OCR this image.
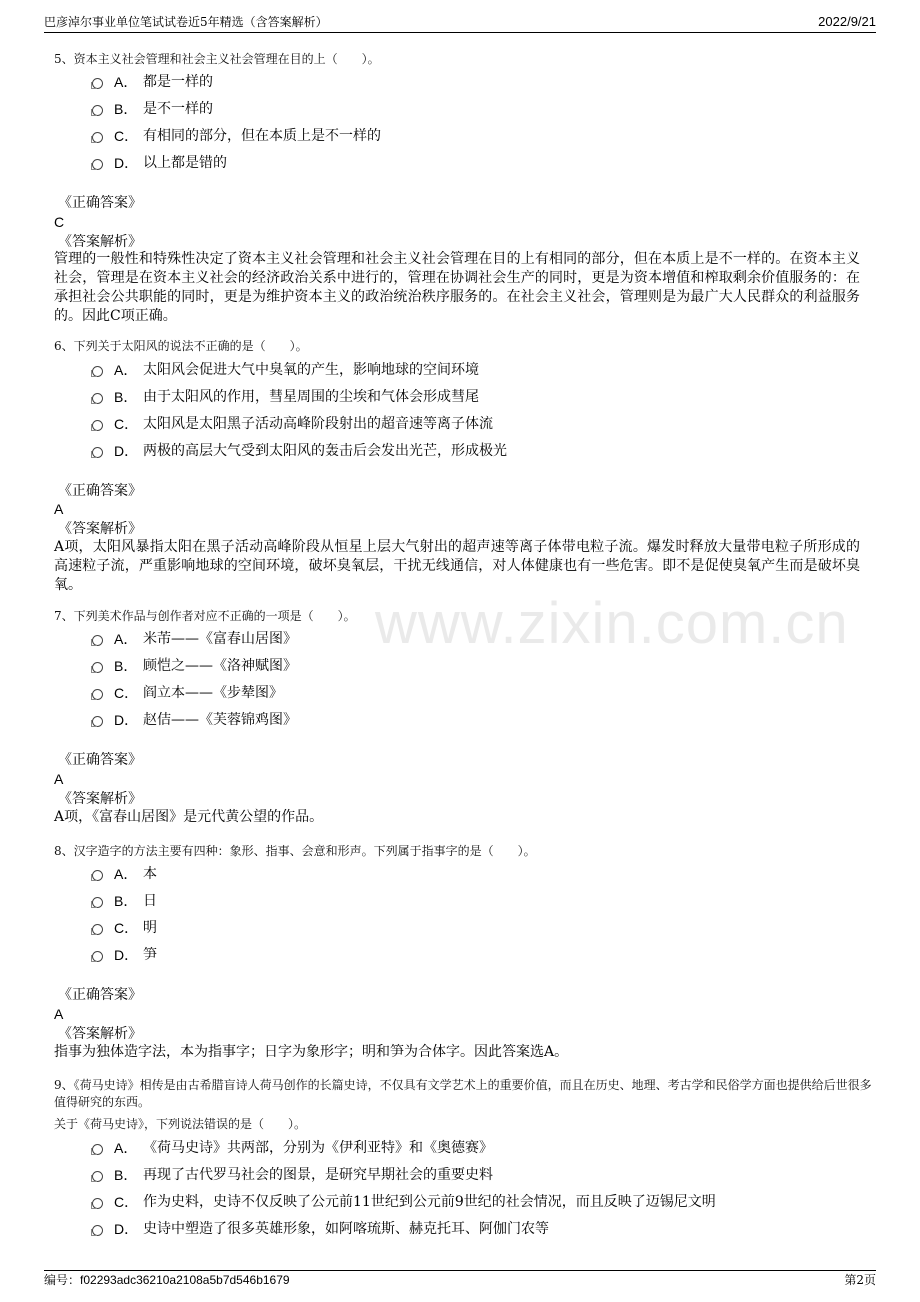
巴彦淖尔事业单位笔试试卷近5年精选（含答案解析）	2022/9/21
www.zixin.com.cn
5、资本主义社会管理和社会主义社会管理在目的上（　　）。
A． 都是一样的
B． 是不一样的
C． 有相同的部分，但在本质上是不一样的
D． 以上都是错的
《正确答案》
C
《答案解析》
管理的一般性和特殊性决定了资本主义社会管理和社会主义社会管理在目的上有相同的部分，但在本质上是不一样的。在资本主义社会，管理是在资本主义社会的经济政治关系中进行的，管理在协调社会生产的同时，更是为资本增值和榨取剩余价值服务的：在承担社会公共职能的同时，更是为维护资本主义的政治统治秩序服务的。在社会主义社会，管理则是为最广大人民群众的利益服务的。因此C项正确。
6、下列关于太阳风的说法不正确的是（　　）。
A． 太阳风会促进大气中臭氧的产生，影响地球的空间环境
B． 由于太阳风的作用，彗星周围的尘埃和气体会形成彗尾
C． 太阳风是太阳黑子活动高峰阶段射出的超音速等离子体流
D． 两极的高层大气受到太阳风的轰击后会发出光芒，形成极光
《正确答案》
A
《答案解析》
A项，太阳风暴指太阳在黑子活动高峰阶段从恒星上层大气射出的超声速等离子体带电粒子流。爆发时释放大量带电粒子所形成的高速粒子流，严重影响地球的空间环境，破坏臭氧层，干扰无线通信，对人体健康也有一些危害。即不是促使臭氧产生而是破坏臭氧。
7、下列美术作品与创作者对应不正确的一项是（　　）。
A． 米芾——《富春山居图》
B． 顾恺之——《洛神赋图》
C． 阎立本——《步辇图》
D． 赵佶——《芙蓉锦鸡图》
《正确答案》
A
《答案解析》
A项，《富春山居图》是元代黄公望的作品。
8、汉字造字的方法主要有四种：象形、指事、会意和形声。下列属于指事字的是（　　）。
A． 本
B． 日
C． 明
D． 笋
《正确答案》
A
《答案解析》
指事为独体造字法，本为指事字；日字为象形字；明和笋为合体字。因此答案选A。
9、《荷马史诗》相传是由古希腊盲诗人荷马创作的长篇史诗，不仅具有文学艺术上的重要价值，而且在历史、地理、考古学和民俗学方面也提供给后世很多值得研究的东西。
关于《荷马史诗》，下列说法错误的是（　　）。
A． 《荷马史诗》共两部，分别为《伊利亚特》和《奥德赛》
B． 再现了古代罗马社会的图景，是研究早期社会的重要史料
C． 作为史料，史诗不仅反映了公元前11世纪到公元前9世纪的社会情况，而且反映了迈锡尼文明
D． 史诗中塑造了很多英雄形象，如阿喀琉斯、赫克托耳、阿伽门农等
编号：f02293adc36210a2108a5b7d546b1679	第2页
